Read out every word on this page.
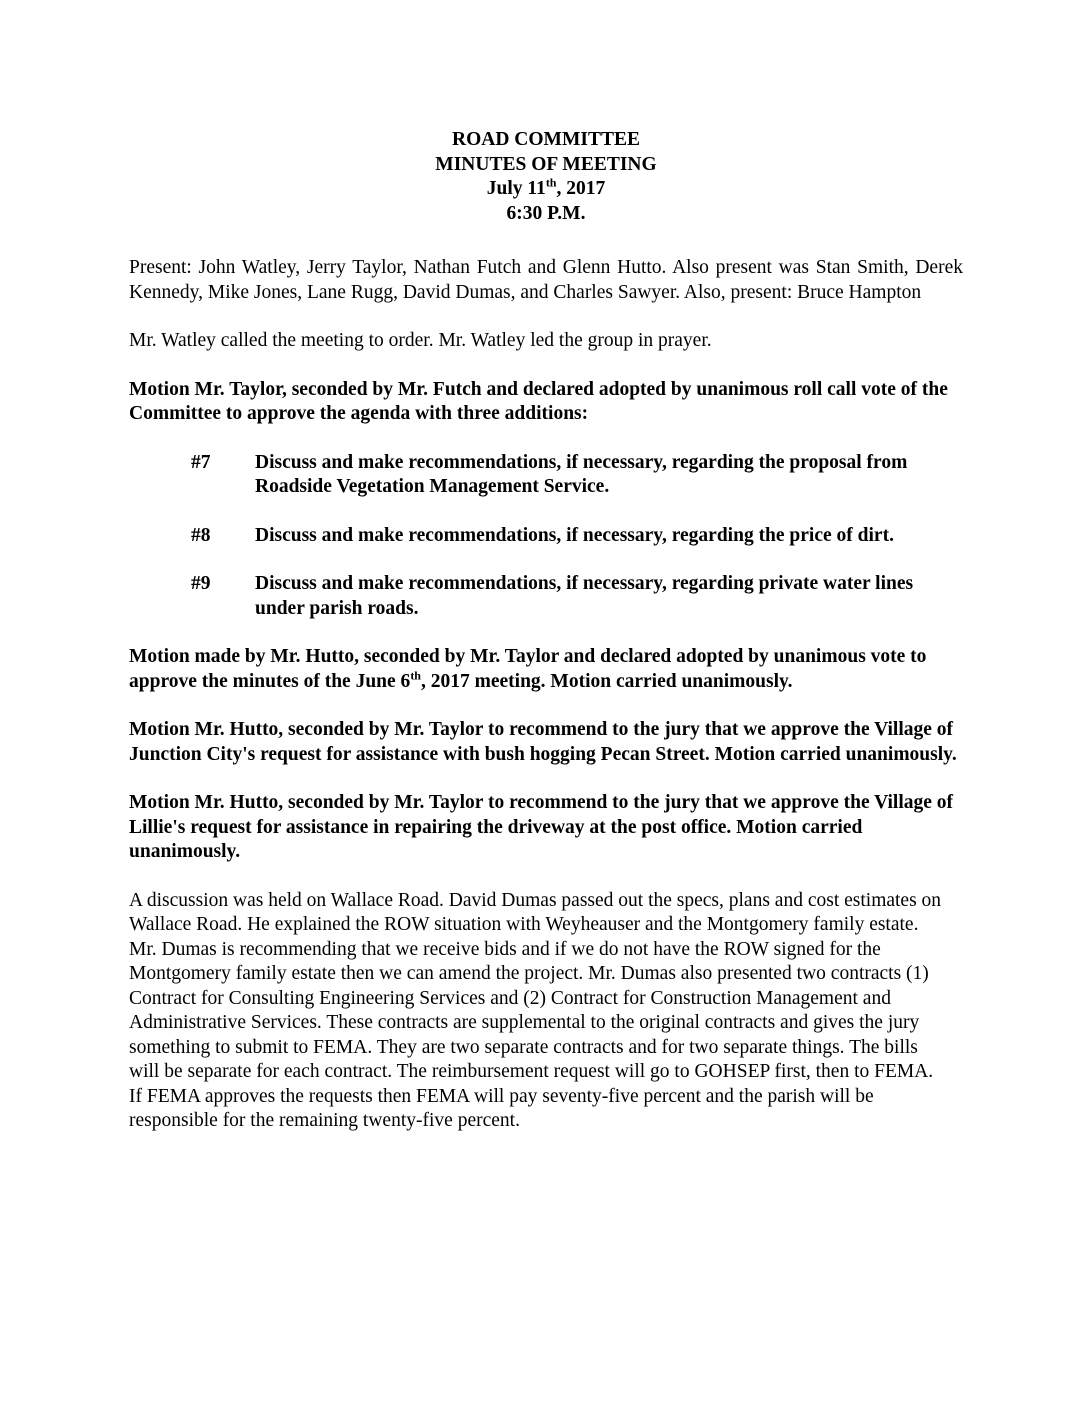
ROAD COMMITTEE
MINUTES OF MEETING
July 11th, 2017
6:30 P.M.

Present: John Watley, Jerry Taylor, Nathan Futch and Glenn Hutto. Also present was Stan Smith, Derek Kennedy, Mike Jones, Lane Rugg, David Dumas, and Charles Sawyer. Also, present: Bruce Hampton

Mr. Watley called the meeting to order. Mr. Watley led the group in prayer.

Motion Mr. Taylor, seconded by Mr. Futch and declared adopted by unanimous roll call vote of the Committee to approve the agenda with three additions:

#7	Discuss and make recommendations, if necessary, regarding the proposal from Roadside Vegetation Management Service.
#8	Discuss and make recommendations, if necessary, regarding the price of dirt.
#9	Discuss and make recommendations, if necessary, regarding private water lines under parish roads.

Motion made by Mr. Hutto, seconded by Mr. Taylor and declared adopted by unanimous vote to approve the minutes of the June 6th, 2017 meeting. Motion carried unanimously.

Motion Mr. Hutto, seconded by Mr. Taylor to recommend to the jury that we approve the Village of Junction City's request for assistance with bush hogging Pecan Street. Motion carried unanimously.

Motion Mr. Hutto, seconded by Mr. Taylor to recommend to the jury that we approve the Village of Lillie's request for assistance in repairing the driveway at the post office. Motion carried unanimously.

A discussion was held on Wallace Road. David Dumas passed out the specs, plans and cost estimates on Wallace Road. He explained the ROW situation with Weyheauser and the Montgomery family estate. Mr. Dumas is recommending that we receive bids and if we do not have the ROW signed for the Montgomery family estate then we can amend the project. Mr. Dumas also presented two contracts (1) Contract for Consulting Engineering Services and (2) Contract for Construction Management and Administrative Services. These contracts are supplemental to the original contracts and gives the jury something to submit to FEMA. They are two separate contracts and for two separate things. The bills will be separate for each contract. The reimbursement request will go to GOHSEP first, then to FEMA. If FEMA approves the requests then FEMA will pay seventy-five percent and the parish will be responsible for the remaining twenty-five percent.
